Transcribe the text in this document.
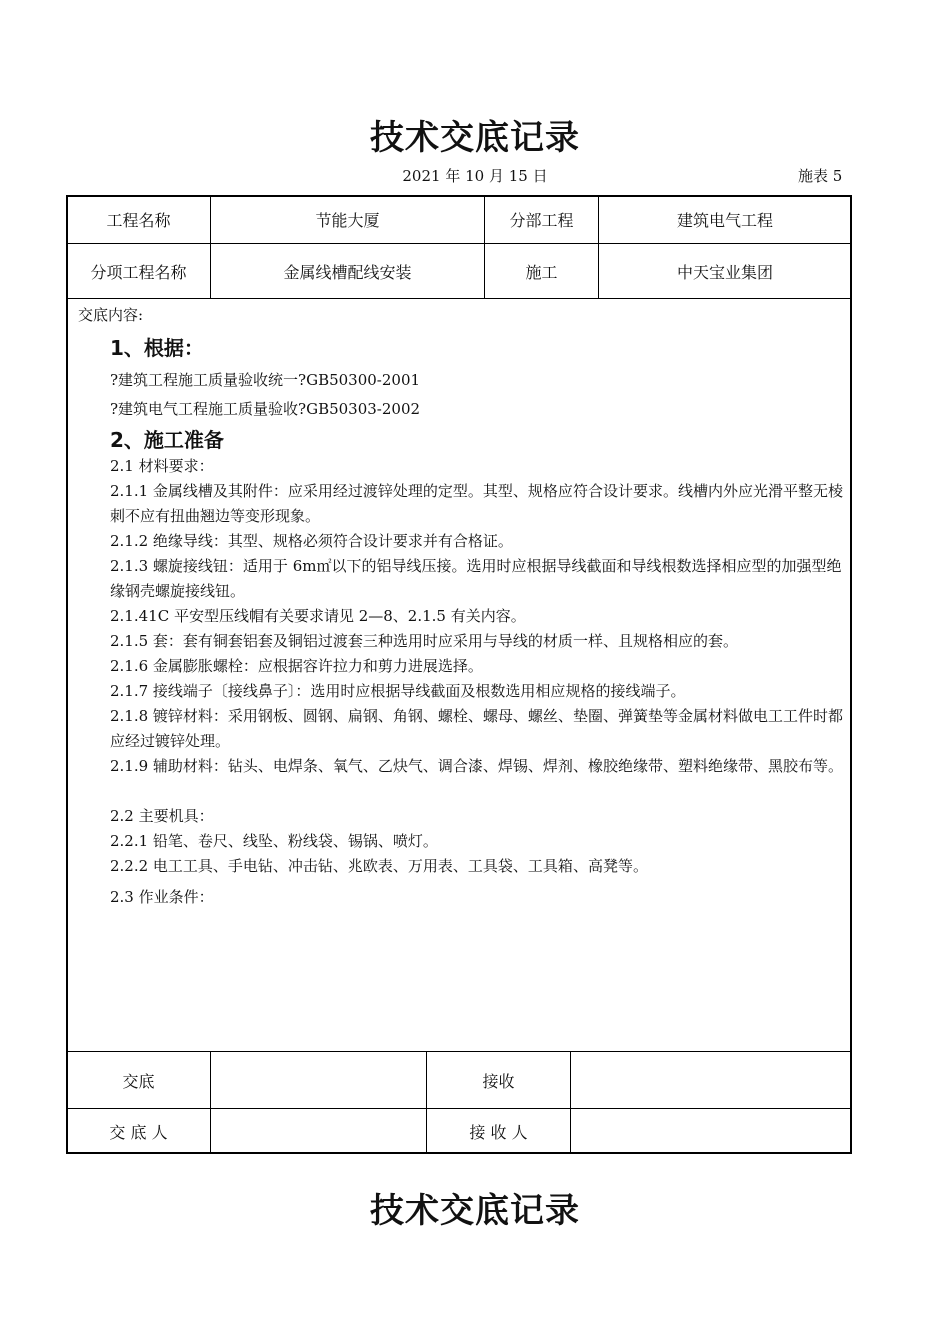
技术交底记录
2021 年 10 月 15 日	施表 5
工程名称	节能大厦	分部工程	建筑电气工程
分项工程名称	金属线槽配线安装	施工	中天宝业集团
交底内容:
1、根据：
?建筑工程施工质量验收统一?GB50300-2001
?建筑电气工程施工质量验收?GB50303-2002
2、施工准备
2.1 材料要求：
2.1.1 金属线槽及其附件：应采用经过渡锌处理的定型。其型、规格应符合设计要求。线槽内外应光滑平整无棱刺不应有扭曲翘边等变形现象。
2.1.2 绝缘导线：其型、规格必须符合设计要求并有合格证。
2.1.3 螺旋接线钮：适用于 6m㎡以下的铝导线压接。选用时应根据导线截面和导线根数选择相应型的加强型绝缘钢壳螺旋接线钮。
2.1.41C 平安型压线帽有关要求请见 2—8、2.1.5 有关内容。
2.1.5 套：套有铜套铝套及铜铝过渡套三种选用时应采用与导线的材质一样、且规格相应的套。
2.1.6 金属膨胀螺栓：应根据容许拉力和剪力进展选择。
2.1.7 接线端子〔接线鼻子〕：选用时应根据导线截面及根数选用相应规格的接线端子。
2.1.8 镀锌材料：采用钢板、圆钢、扁钢、角钢、螺栓、螺母、螺丝、垫圈、弹簧垫等金属材料做电工工件时都应经过镀锌处理。
2.1.9 辅助材料：钻头、电焊条、氧气、乙炔气、调合漆、焊锡、焊剂、橡胶绝缘带、塑料绝缘带、黑胶布等。
2.2 主要机具：
2.2.1 铅笔、卷尺、线坠、粉线袋、锡锅、喷灯。
2.2.2 电工工具、手电钻、冲击钻、兆欧表、万用表、工具袋、工具箱、高凳等。
2.3 作业条件：
交底	接收
交 底 人	接 收 人
技术交底记录
